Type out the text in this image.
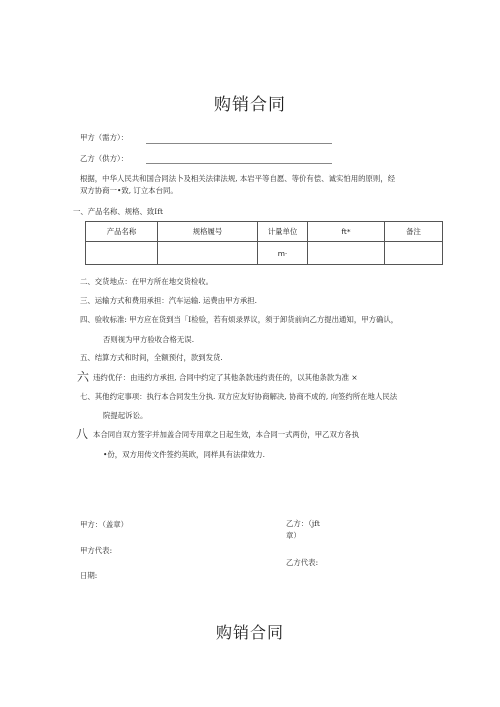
购销合同
甲方（需方）：
乙方（供方）：
根据，中华人民共和国合同法卜及相关法律法规, 本岩平等自愿、等价有偿、诚实怕用的原则，经
双方协商一•致, 订立本台同。
一、产品名称、规格、致Ift
产品名称	规格履号	计量单位	ft*	备注
		m·		
二、交货地点：在甲方所在地交货检收。
三、运输方式和费用承担：汽车运输. 运费由甲方承担.
四、验收标准: 甲方应在货到当「I检验，若有烦录界议，须于卸货前向乙方提出通知，甲方确认，
否则视为甲方验收合格无误.
五、结算方式和时间，全额预付，款到发货.
六 违约优仔：由违约方承担, 合同中约定了其他条款违约责任的，以其他条款为准 ×
七、其他约定事项：执行本合同发生分执. 双方应友好协商解决, 协商不成的, 向签约所在地人民法
院提起诉讼。
八 本合同自双方签字并加盖合同专用章之日起生效，本合同一式两份，甲乙双方各执
•份，双方用传文件签约英欧，同样具有法律效力.
甲方：（盖章）	乙方：（jft
章）
甲方代表:
乙方代表:
日期:
购销合同
